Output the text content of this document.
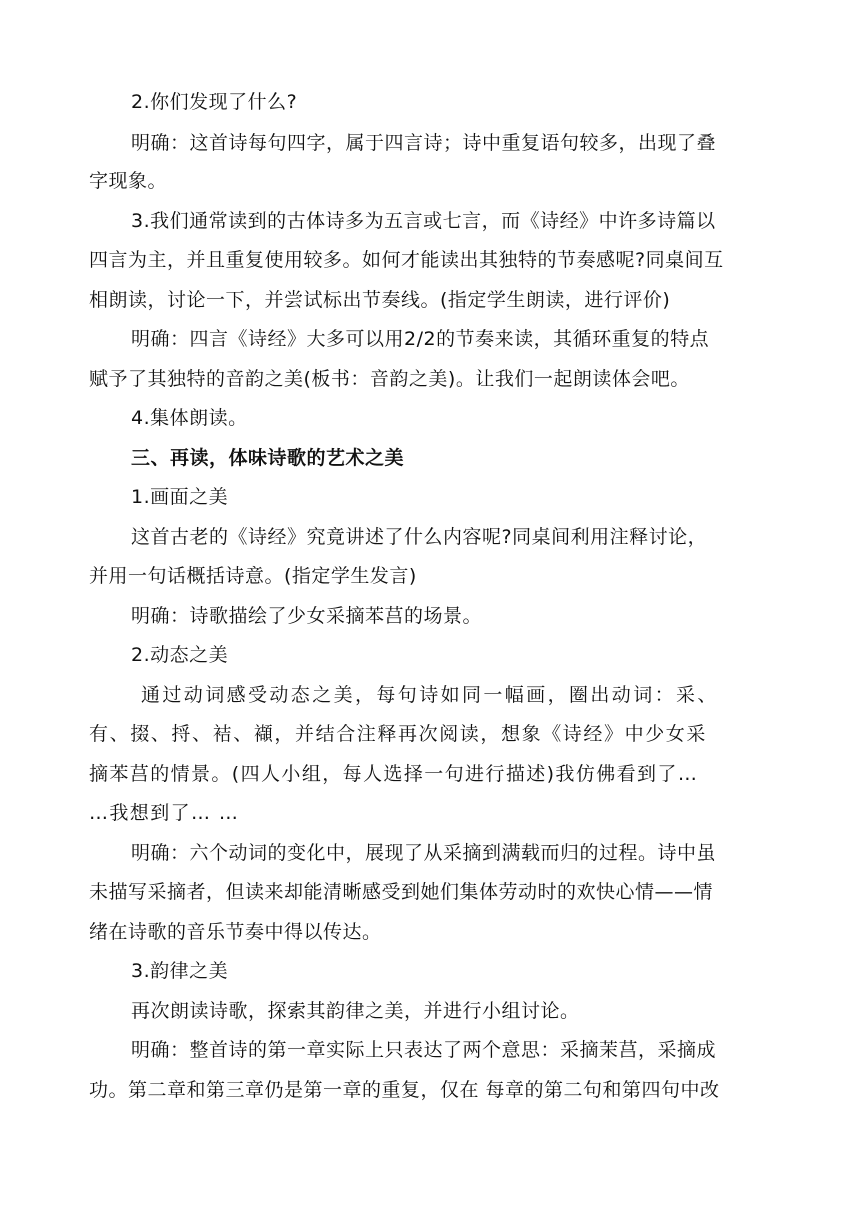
2.你们发现了什么?
明确：这首诗每句四字，属于四言诗；诗中重复语句较多，出现了叠
字现象。
3.我们通常读到的古体诗多为五言或七言，而《诗经》中许多诗篇以
四言为主，并且重复使用较多。如何才能读出其独特的节奏感呢?同桌间互
相朗读，讨论一下，并尝试标出节奏线。(指定学生朗读，进行评价)
明确：四言《诗经》大多可以用2/2的节奏来读，其循环重复的特点
赋予了其独特的音韵之美(板书：音韵之美)。让我们一起朗读体会吧。
4.集体朗读。
三、再读，体味诗歌的艺术之美
1.画面之美
这首古老的《诗经》究竟讲述了什么内容呢?同桌间利用注释讨论，
并用一句话概括诗意。(指定学生发言)
明确：诗歌描绘了少女采摘苯莒的场景。
2.动态之美
通过动词感受动态之美，每句诗如同一幅画，圈出动词：采、
有、掇、捋、袺、襭，并结合注释再次阅读，想象《诗经》中少女采
摘苯莒的情景。(四人小组，每人选择一句进行描述)我仿佛看到了…
…我想到了… …
明确：六个动词的变化中，展现了从采摘到满载而归的过程。诗中虽
未描写采摘者，但读来却能清晰感受到她们集体劳动时的欢快心情——情
绪在诗歌的音乐节奏中得以传达。
3.韵律之美
再次朗读诗歌，探索其韵律之美，并进行小组讨论。
明确：整首诗的第一章实际上只表达了两个意思：采摘茉莒，采摘成
功。第二章和第三章仍是第一章的重复，仅在 每章的第二句和第四句中改
